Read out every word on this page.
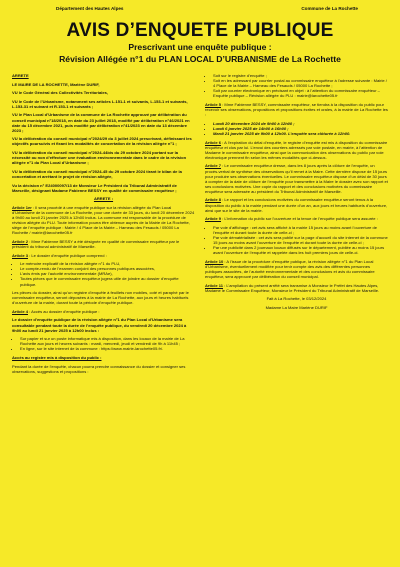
Département des Hautes Alpes	Commune de La Rochette
AVIS D’ENQUETE PUBLIQUE
Prescrivant une enquête publique :
Révision Allégée n°1 du PLAN LOCAL D’URBANISME de La Rochette

ARRETE

LE MAIRE DE LA ROCHETTE, Marlène DURIF,

VU le Code Général des Collectivités Territoriales,

VU le Code de l’Urbanisme, notamment ses articles L.151-1 et suivants, L.153-1 et suivants, L.153-31 et suivant et R.153-1 et suivants ;

VU le Plan Local d’Urbanisme de la commune de La Rochette approuvé par délibération du conseil municipal n°18/2018, en date du 23 juillet 2018, modifié par délibération n°46/2021 en date du 15 décembre 2021, puis modifié par délibération n°41/2023 en date du 13 décembre 2023 ;

VU la délibération du conseil municipal n°2024/29 du 3 juillet 2024 prescrivant, définissant les objectifs poursuivis et fixant les modalités de concertation de la révision allégée n°1 ;

VU la délibération du conseil municipal n°2024-44bis du 29 octobre 2024 portant sur la nécessité ou non d’effectuer une évaluation environnementale dans le cadre de la révision allégée n°1 du Plan Local d’Urbanisme ;

VU la délibération du conseil municipal n°2024-45 du 29 octobre 2024 tirant le bilan de la concertation et arrêtant le projet de révision allégée,

Vu la décision n° E24000097/13 de Monsieur Le Président du Tribunal Administratif de Marseille, désignant Madame Fabienne BESSY en qualité de commissaire enquêteur ;

ARRETE :

Article 1er : Il sera procédé à une enquête publique sur la révision allégée du Plan Local d’Urbanisme de la commune de La Rochette, pour une durée de 33 jours, du lundi 20 décembre 2024 à 9h00 au lundi 21 janvier 2025 à 12h00 inclus. La commune est responsable de la procédure de révision allégée du PLU. Toute information pourra être obtenue auprès de la Mairie de La Rochette, siège de l’enquête publique : Mairie / 4 Place de la Mairie – Hameau des Fesauds / 05000 La Rochette / mairie@larochette05.fr

Article 2 : Mme Fabienne BESSY a été désignée en qualité de commissaire enquêteur par le président du tribunal administratif de Marseille.

Article 3 : Le dossier d’enquête publique comprend :

• Le mémoire explicatif de la révision allégée n°1 du PLU,
• Le compte-rendu de l’examen conjoint des personnes publiques associées,
• L’avis émis par l’autorité environnementale (MRAe),
• Toutes pièces que le commissaire enquêteur jugera utile de joindre au dossier d’enquête publique.

Les pièces du dossier, ainsi qu’un registre d’enquête à feuillets non mobiles, coté et paraphé par le commissaire enquêteur, seront déposées à la mairie de La Rochette, aux jours et heures habituels d’ouverture de la mairie, durant toute la période d’enquête publique.

Article 4 : Accès au dossier d’enquête publique :

Le dossier d’enquête publique de la révision allégée n°1 du Plan Local d’Urbanisme sera consultable pendant toute la durée de l’enquête publique, du vendredi 20 décembre 2024 à 9h00 au lundi 21 janvier 2025 à 12h00 inclus :

• Sur papier et sur un poste informatique mis à disposition, dans les locaux de la mairie de La Rochette aux jours et heures suivants : mardi, mercredi, jeudi et vendredi de 9h à 11h45 ;
• En ligne, sur le site internet de la commune : https://www.mairie-larochette05.fr/.

Accès au registre mis à disposition du public :

Pendant la durée de l’enquête, chacun pourra prendre connaissance du dossier et consigner ses observations, suggestions et propositions :

• Soit sur le registre d’enquête ;
• Soit en les adressant par courrier postal au commissaire enquêteur à l’adresse suivante : Mairie / 4 Place de la Mairie – Hameau des Fesauds / 05000 La Rochette ;
• Soit par courrier électronique en précisant en objet : à l’attention du commissaire enquêteur – Enquête publique – Révision allégée du PLU : mairie@larochette05.fr

Article 5 : Mme Fabienne BESSY, commissaire enquêteur, se tiendra à la disposition du public pour recevoir ses observations, propositions et propositions écrites et orales, à la mairie de La Rochette les :

• Lundi 20 décembre 2024 de 9h00 à 12h00 ;
• Lundi 6 janvier 2025 de 14h00 à 16h00 ;
• Mardi 21 janvier 2025 de 9h00 à 12h00. L’enquête sera clôturée à 12h00.

Article 6 : A l’expiration du délai d’enquête, le registre d’enquête est mis à disposition du commissaire enquêteur et clos par lui. L’envoi des courriers adressés par voie postale, en mairie, à l’attention de Madame le commissaire enquêteur, ainsi que la communication des observations du public par voie électronique prennent fin selon les mêmes modalités que ci-dessus.

Article 7 : Le commissaire enquêteur dresse, dans les 8 jours après la clôture de l’enquête, un procès-verbal de synthèse des observations qu’il remet à la Maire. Cette dernière dispose de 15 jours pour produire ses observations éventuelles. Le commissaire enquêteur dispose d’un délai de 30 jours à compter de la date de clôture de l’enquête pour transmettre à la Maire le dossier avec son rapport et ses conclusions motivées. Une copie du rapport et des conclusions motivées du commissaire enquêteur sera adressée au président du Tribunal Administratif de Marseille.

Article 8 : Le rapport et les conclusions motivées du commissaire enquêteur seront tenus à la disposition du public à la mairie pendant une durée d’un an, aux jours et heures habituels d’ouverture, ainsi que sur le site de la mairie.

Article 9 : L’information du public sur l’ouverture et la tenue de l’enquête publique sera assurée :

• Par voie d’affichage : cet avis sera affiché à la mairie 15 jours au moins avant l’ouverture de l’enquête et durant toute la durée de celle-ci ;
• Par voie dématérialisée : cet avis sera publié sur la page d’accueil du site internet de la commune 15 jours au moins avant l’ouverture de l’enquête et durant toute la durée de celle-ci ;
• Par une publicité dans 2 journaux locaux diffusés sur le département, publiée au moins 15 jours avant l’ouverture de l’enquête et rappelée dans les huit premiers jours de celle-ci.

Article 10 : A l’issue de la procédure d’enquête publique, la révision allégée n°1 du Plan Local d’Urbanisme, éventuellement modifiée pour tenir compte des avis des différentes personnes publiques associées, de l’autorité environnementale et des conclusions et avis du commissaire enquêteur, sera approuvé par délibération du conseil municipal.

Article 11 : L’ampliation du présent arrêté sera transmise à Monsieur le Préfet des Hautes Alpes, Madame le Commissaire Enquêteur, Monsieur le Président du Tribunal Administratif de Marseille.

Fait à La Rochette, le 03/12/2024

Madame La Maire Marlène DURIF
